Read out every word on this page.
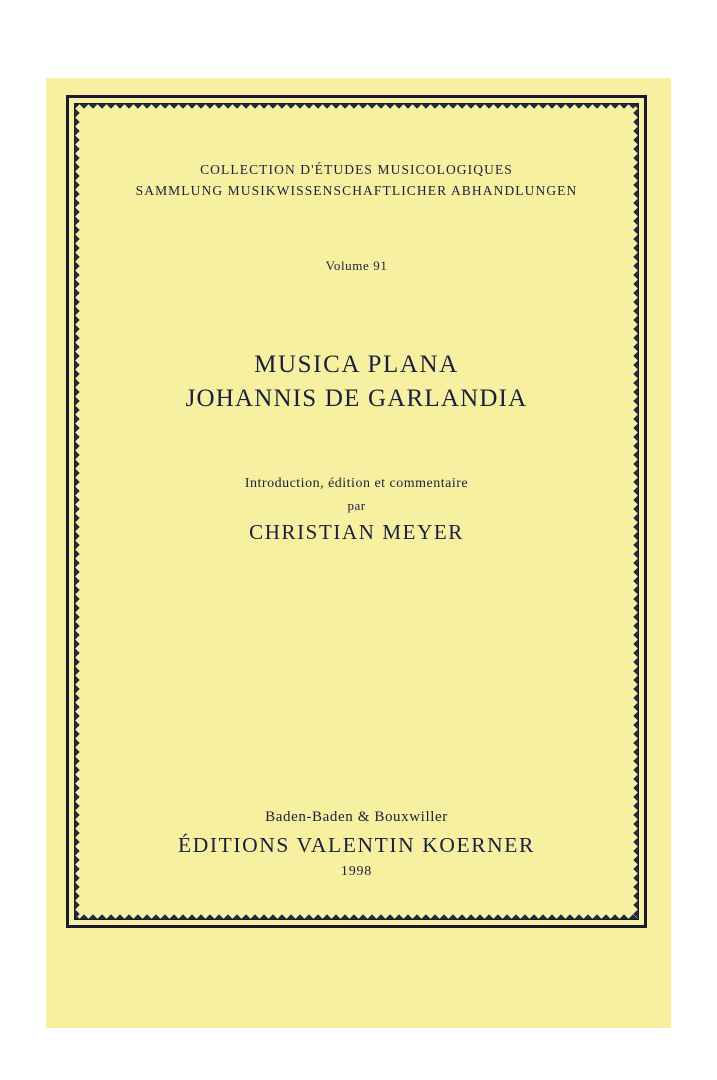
COLLECTION D'ÉTUDES MUSICOLOGIQUES
SAMMLUNG MUSIKWISSENSCHAFTLICHER ABHANDLUNGEN
Volume 91
MUSICA PLANA
JOHANNIS DE GARLANDIA
Introduction, édition et commentaire
par
CHRISTIAN MEYER
Baden-Baden & Bouxwiller
ÉDITIONS VALENTIN KOERNER
1998
